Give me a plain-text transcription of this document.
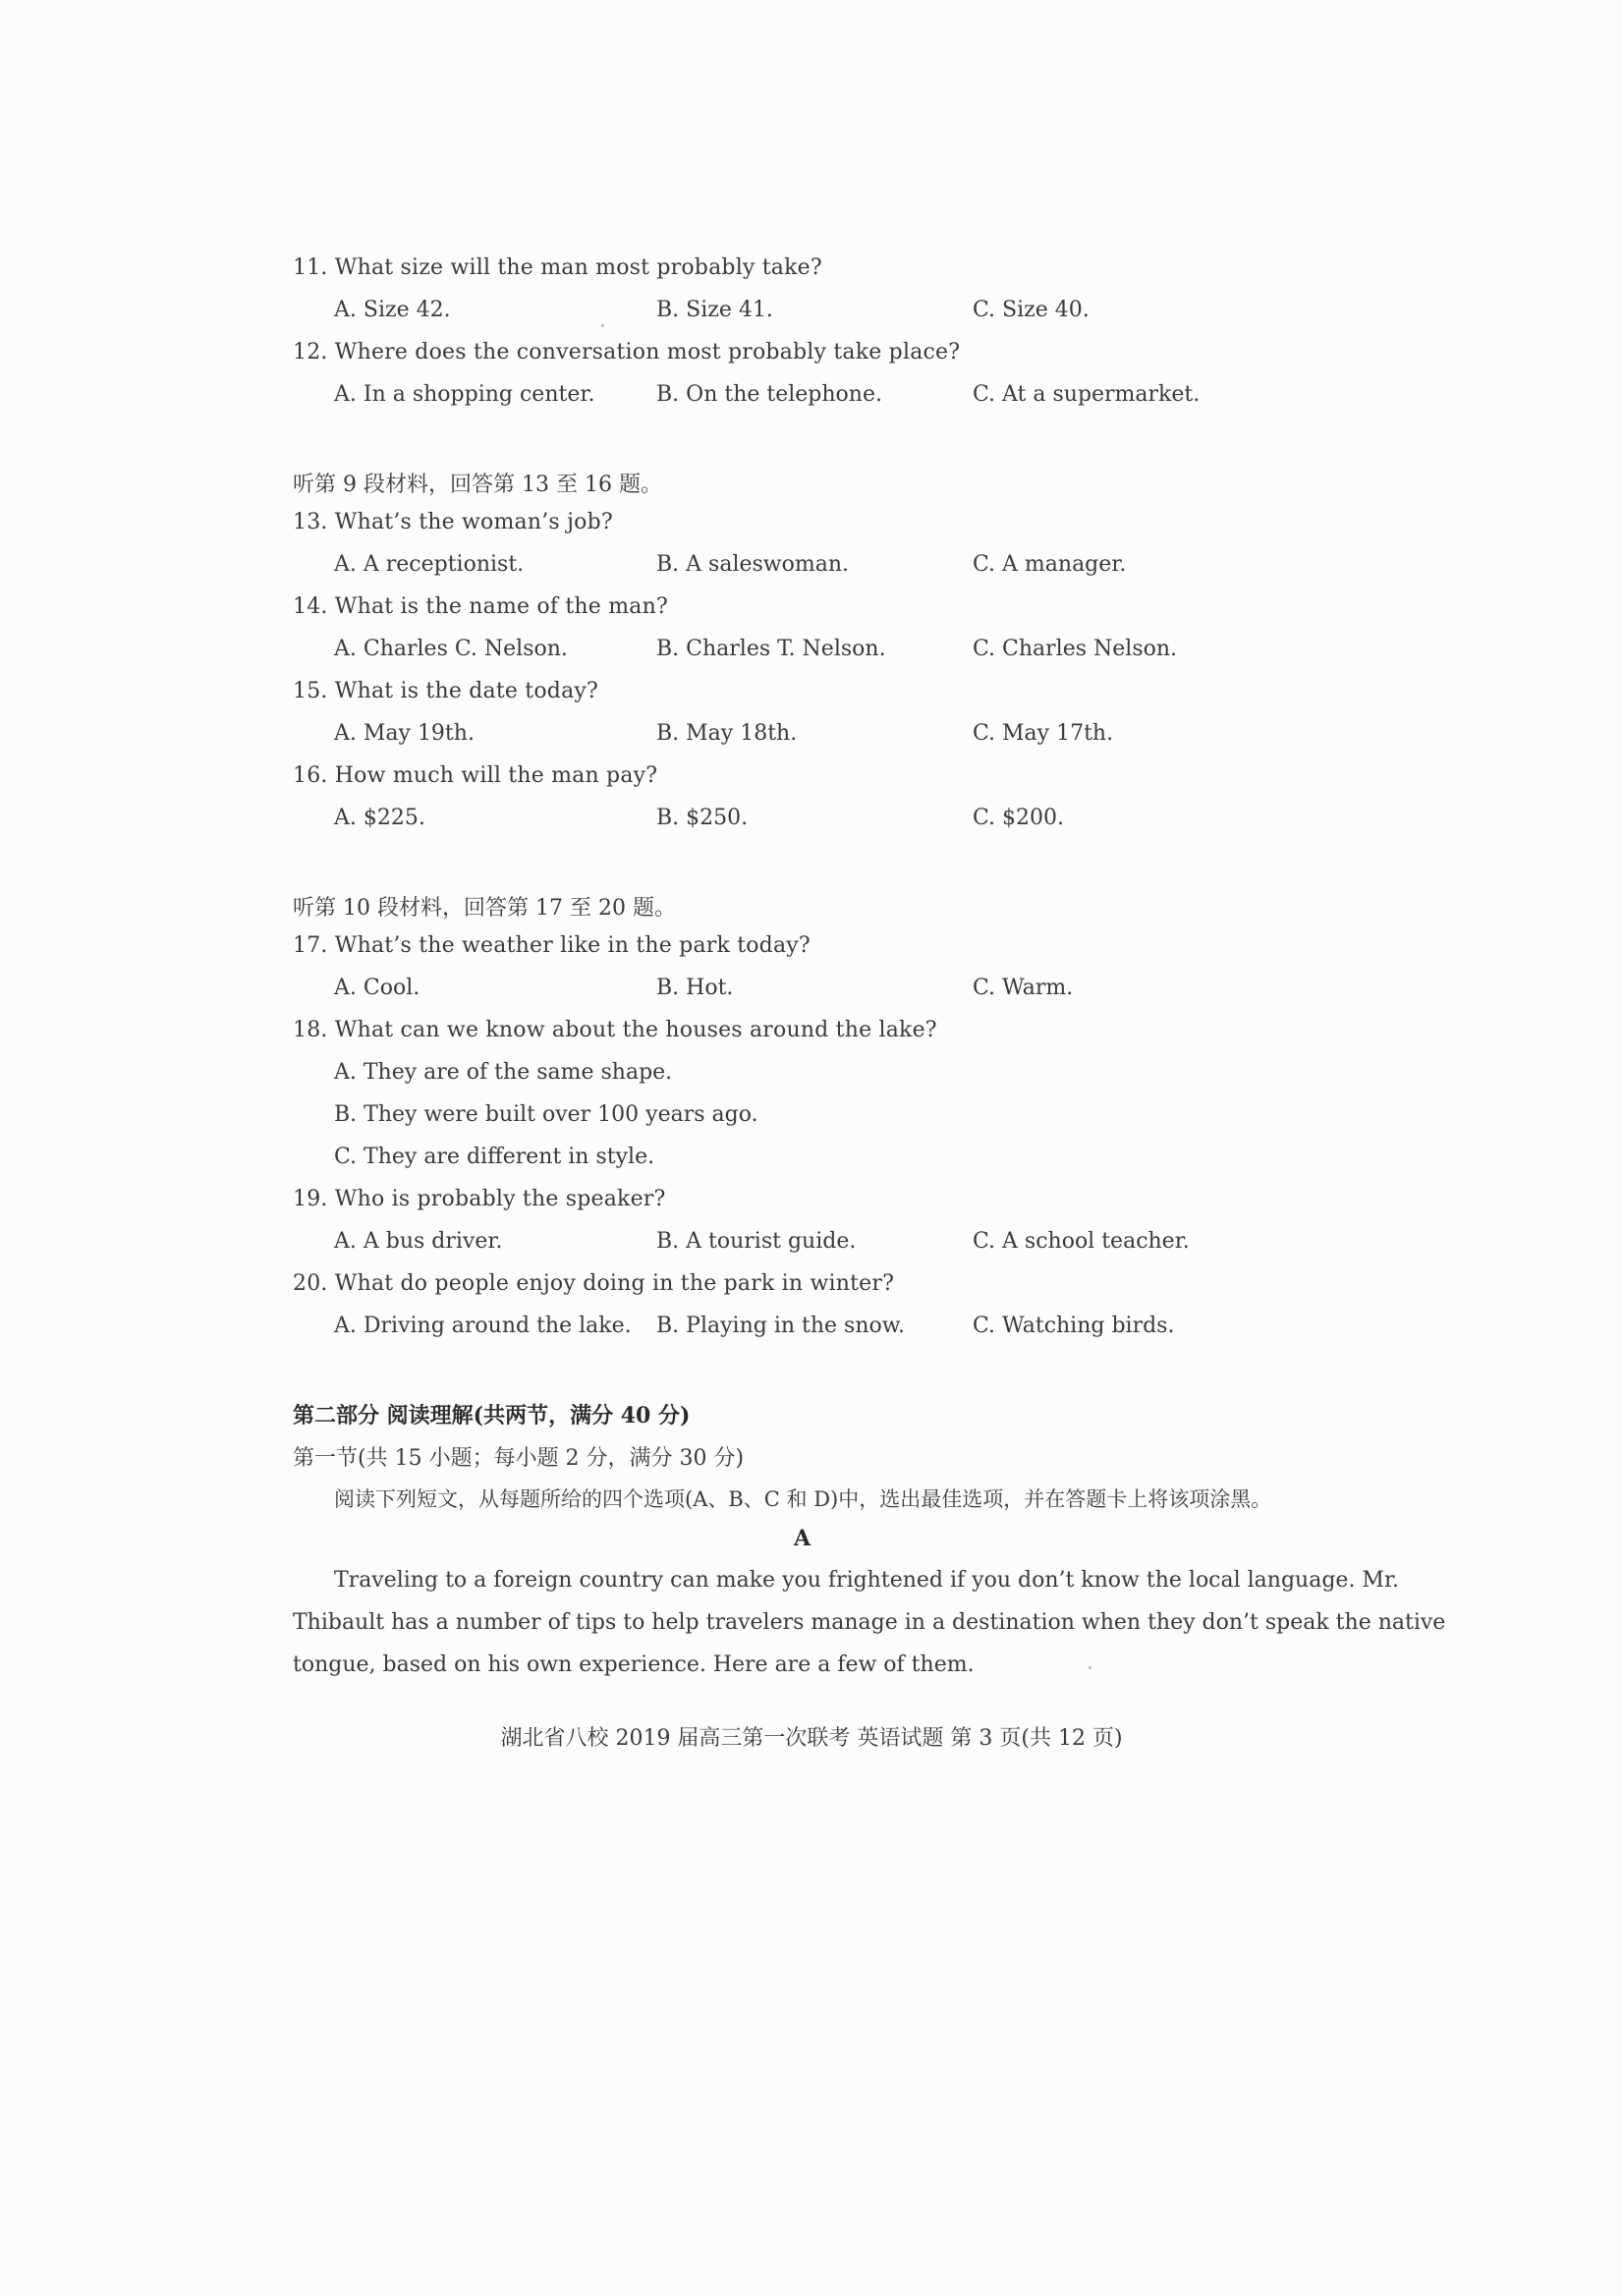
11. What size will the man most probably take?
A. Size 42.	B. Size 41.	C. Size 40.
12. Where does the conversation most probably take place?
A. In a shopping center.	B. On the telephone.	C. At a supermarket.
听第 9 段材料，回答第 13 至 16 题。
13. What’s the woman’s job?
A. A receptionist.	B. A saleswoman.	C. A manager.
14. What is the name of the man?
A. Charles C. Nelson.	B. Charles T. Nelson.	C. Charles Nelson.
15. What is the date today?
A. May 19th.	B. May 18th.	C. May 17th.
16. How much will the man pay?
A. $225.	B. $250.	C. $200.
听第 10 段材料，回答第 17 至 20 题。
17. What’s the weather like in the park today?
A. Cool.	B. Hot.	C. Warm.
18. What can we know about the houses around the lake?
A. They are of the same shape.
B. They were built over 100 years ago.
C. They are different in style.
19. Who is probably the speaker?
A. A bus driver.	B. A tourist guide.	C. A school teacher.
20. What do people enjoy doing in the park in winter?
A. Driving around the lake. B. Playing in the snow.	C. Watching birds.
第二部分 阅读理解(共两节，满分 40 分)
第一节(共 15 小题；每小题 2 分，满分 30 分)
阅读下列短文，从每题所给的四个选项(A、B、C 和 D)中，选出最佳选项，并在答题卡上将该项涂黑。
A
Traveling to a foreign country can make you frightened if you don’t know the local language. Mr.
Thibault has a number of tips to help travelers manage in a destination when they don’t speak the native
tongue, based on his own experience. Here are a few of them.
湖北省八校 2019 届高三第一次联考 英语试题 第 3 页(共 12 页)
